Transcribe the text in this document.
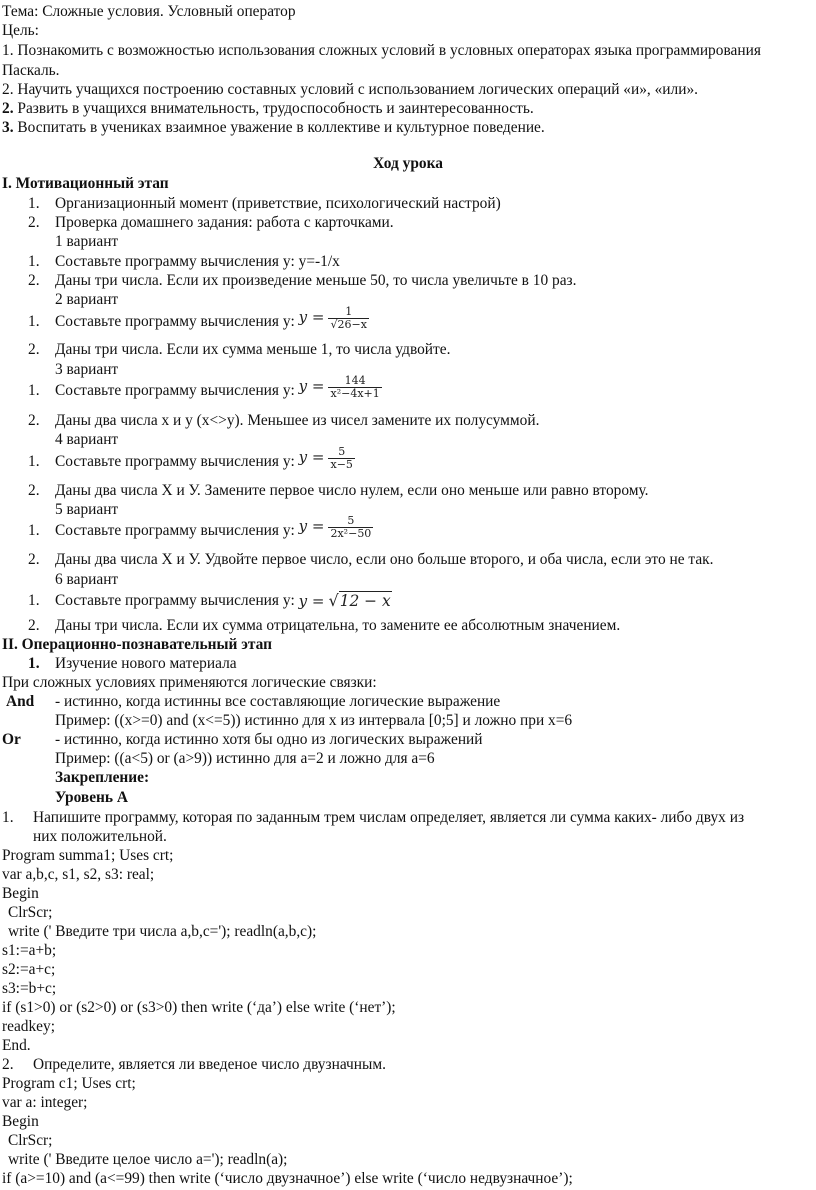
Тема: Сложные условия. Условный оператор
Цель:
1. Познакомить с возможностью использования сложных условий в условных операторах языка программирования
Паскаль.
2. Научить учащихся построению составных условий с использованием логических операций «и», «или».
2. Развить в учащихся внимательность, трудоспособность и заинтересованность.
3. Воспитать в учениках взаимное уважение в коллективе и культурное поведение.
Ход урока
I. Мотивационный этап
1. Организационный момент (приветствие, психологический настрой)
2. Проверка домашнего задания: работа с карточками.
1 вариант
1. Составьте программу вычисления y: y=-1/x
2. Даны три числа. Если их произведение меньше 50, то числа увеличьте в 10 раз.
2 вариант
1. Составьте программу вычисления y: $y = \frac{1}{√26-x}$
2. Даны три числа. Если их сумма меньше 1, то числа удвойте.
3 вариант
1. Составьте программу вычисления y: $y = \frac{144}{\text{x²−4x+1}}$
2. Даны два числа x и y (x<>y). Меньшее из чисел замените их полусуммой.
4 вариант
1. Составьте программу вычисления y: $y = \frac{5}{x-5}$
2. Даны два числа Х и У. Замените первое число нулем, если оно меньше или равно второму.
5 вариант
1. Составьте программу вычисления y: $y = \frac{5}{\text{2x²−50}}$
2. Даны два числа Х и У. Удвойте первое число, если оно больше второго, и оба числа, если это не так.
6 вариант
1. Составьте программу вычисления y: y = √12 − x
2. Даны три числа. Если их сумма отрицательна, то замените ее абсолютным значением.
II. Операционно-познавательный этап
1. Изучение нового материала
При сложных условиях применяются логические связки:
And - истинно, когда истинны все составляющие логические выражение
Пример: ((x>=0) and (x<=5)) истинно для x из интервала [0;5] и ложно при x=6
Or - истинно, когда истинно хотя бы одно из логических выражений
Пример: ((a<5) or (a>9)) истинно для a=2 и ложно для a=6
Закрепление:
Уровень А
1. Напишите программу, которая по заданным трем числам определяет, является ли сумма каких- либо двух из
них положительной.
Program summa1; Uses crt;
var a,b,c, s1, s2, s3: real;
Begin
ClrScr;
write (' Введите три числа a,b,c='); readln(a,b,c);
s1:=a+b;
s2:=a+c;
s3:=b+c;
if (s1>0) or (s2>0) or (s3>0) then write (‘да’) else write (‘нет’);
readkey;
End.
2. Определите, является ли введеное число двузначным.
Program c1; Uses crt;
var a: integer;
Begin
ClrScr;
write (' Введите целое число a='); readln(a);
if (a>=10) and (a<=99) then write (‘число двузначное’) else write (‘число недвузначное’);
